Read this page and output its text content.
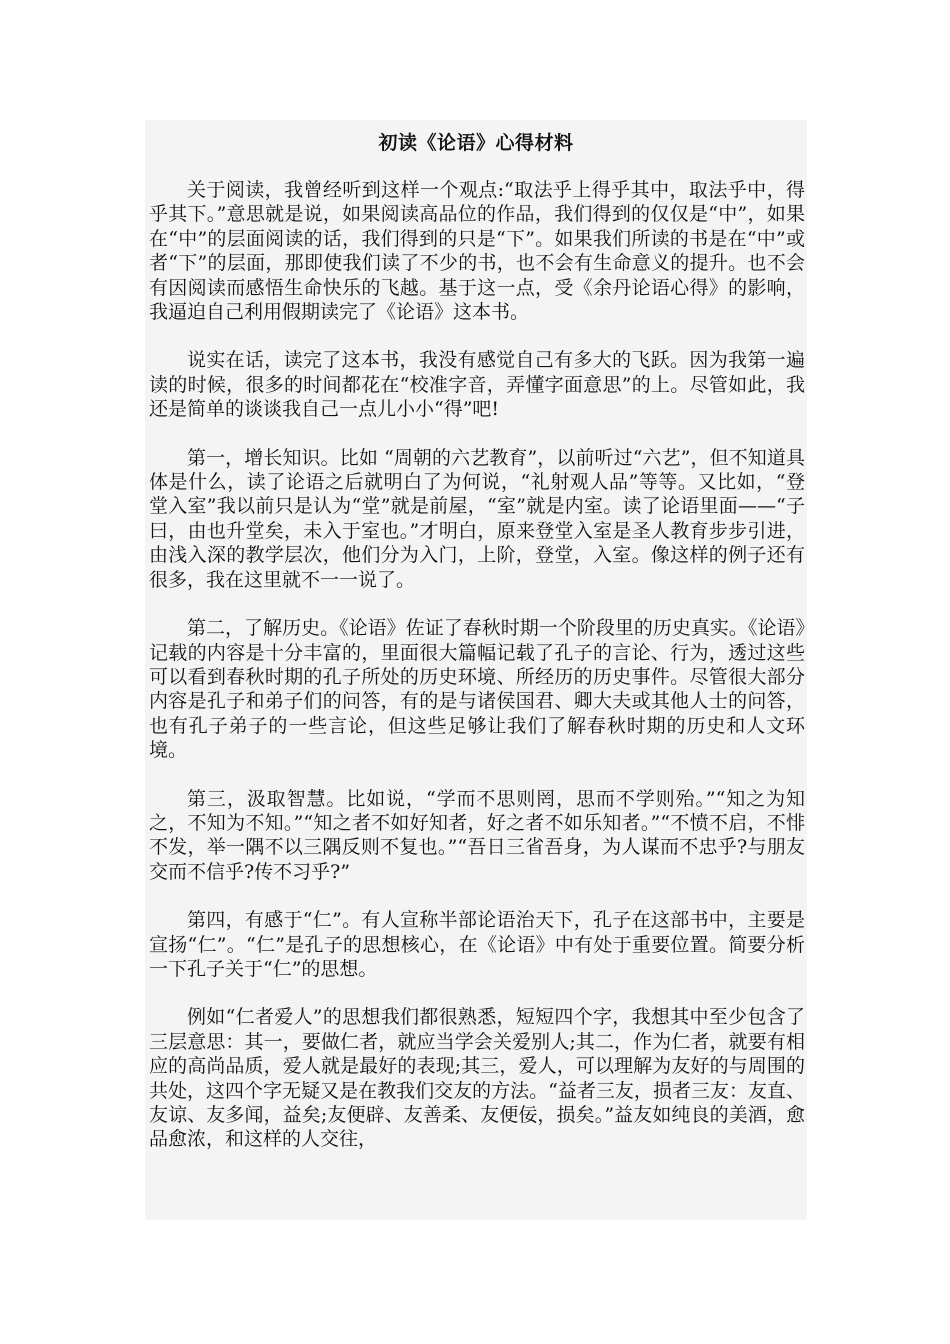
初读《论语》心得材料

关于阅读，我曾经听到这样一个观点:“取法乎上得乎其中，取法乎中，得乎其下。”意思就是说，如果阅读高品位的作品，我们得到的仅仅是“中”，如果在“中”的层面阅读的话，我们得到的只是“下”。如果我们所读的书是在“中”或者“下”的层面，那即使我们读了不少的书，也不会有生命意义的提升。也不会有因阅读而感悟生命快乐的飞越。基于这一点，受《余丹论语心得》的影响，我逼迫自己利用假期读完了《论语》这本书。

说实在话，读完了这本书，我没有感觉自己有多大的飞跃。因为我第一遍读的时候，很多的时间都花在“校准字音，弄懂字面意思”的上。尽管如此，我还是简单的谈谈我自己一点儿小小“得”吧!

第一，增长知识。比如 “周朝的六艺教育”，以前听过“六艺”，但不知道具体是什么，读了论语之后就明白了为何说，“礼射观人品”等等。又比如，“登堂入室”我以前只是认为“堂”就是前屋，“室”就是内室。读了论语里面——“子曰，由也升堂矣，未入于室也。”才明白，原来登堂入室是圣人教育步步引进，由浅入深的教学层次，他们分为入门，上阶，登堂，入室。像这样的例子还有很多，我在这里就不一一说了。

第二，了解历史。《论语》佐证了春秋时期一个阶段里的历史真实。《论语》记载的内容是十分丰富的，里面很大篇幅记载了孔子的言论、行为，透过这些可以看到春秋时期的孔子所处的历史环境、所经历的历史事件。尽管很大部分内容是孔子和弟子们的问答，有的是与诸侯国君、卿大夫或其他人士的问答，也有孔子弟子的一些言论，但这些足够让我们了解春秋时期的历史和人文环境。

第三，汲取智慧。比如说，“学而不思则罔，思而不学则殆。”“知之为知之，不知为不知。”“知之者不如好知者，好之者不如乐知者。”“不愤不启，不悱不发，举一隅不以三隅反则不复也。”“吾日三省吾身，为人谋而不忠乎?与朋友交而不信乎?传不习乎?”

第四，有感于“仁”。有人宣称半部论语治天下，孔子在这部书中，主要是宣扬“仁”。“仁”是孔子的思想核心，在《论语》中有处于重要位置。简要分析一下孔子关于“仁”的思想。

例如“仁者爱人”的思想我们都很熟悉，短短四个字，我想其中至少包含了三层意思：其一，要做仁者，就应当学会关爱别人;其二，作为仁者，就要有相应的高尚品质，爱人就是最好的表现;其三，爱人，可以理解为友好的与周围的共处，这四个字无疑又是在教我们交友的方法。“益者三友，损者三友：友直、友谅、友多闻，益矣;友便辟、友善柔、友便佞，损矣。”益友如纯良的美酒，愈品愈浓，和这样的人交往，
